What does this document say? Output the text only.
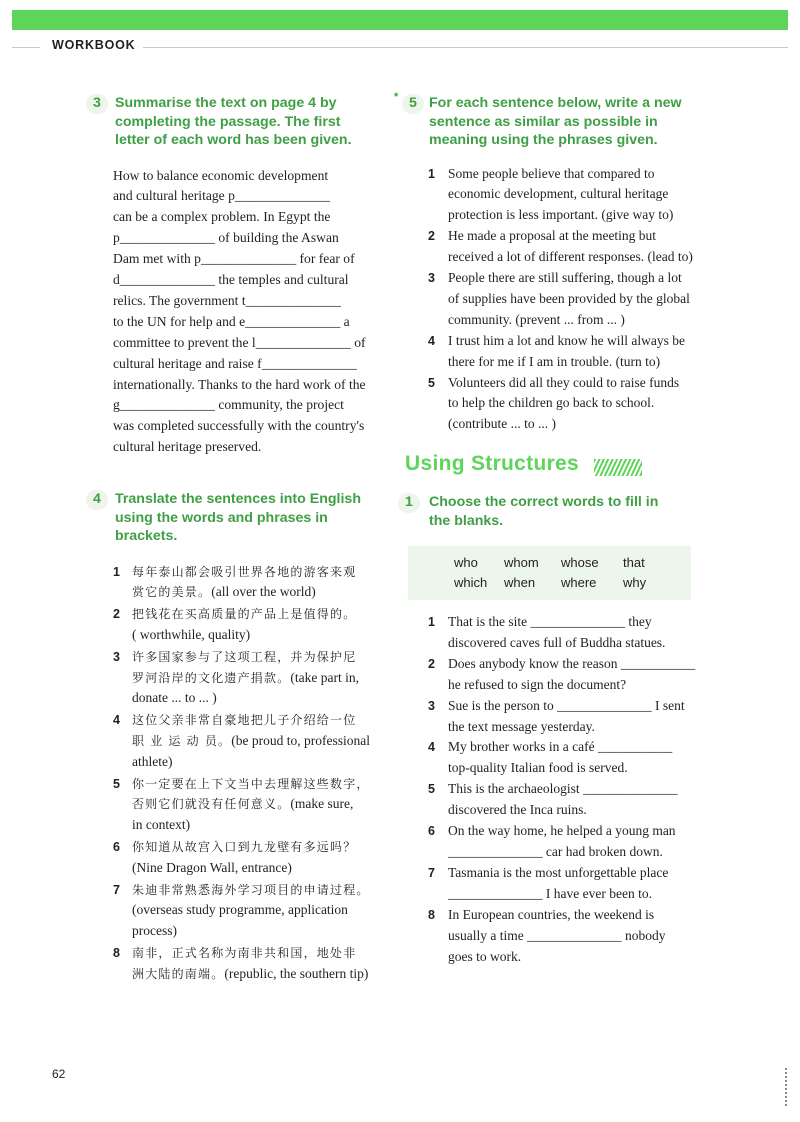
WORKBOOK
3 Summarise the text on page 4 by
completing the passage. The first
letter of each word has been given.
How to balance economic development
and cultural heritage p______________
can be a complex problem. In Egypt the
p______________ of building the Aswan
Dam met with p______________ for fear of
d______________ the temples and cultural
relics. The government t______________
to the UN for help and e______________ a
committee to prevent the l______________ of
cultural heritage and raise f______________
internationally. Thanks to the hard work of the
g______________ community, the project
was completed successfully with the country's
cultural heritage preserved.
4 Translate the sentences into English
using the words and phrases in
brackets.
1 每年泰山都会吸引世界各地的游客来观
赏它的美景。(all over the world)
2 把钱花在买高质量的产品上是值得的。
( worthwhile, quality)
3 许多国家参与了这项工程，并为保护尼
罗河沿岸的文化遗产捐款。(take part in,
donate ... to ... )
4 这位父亲非常自豪地把儿子介绍给一位
职 业 运 动 员。(be proud to, professional
athlete)
5 你一定要在上下文当中去理解这些数字，
否则它们就没有任何意义。(make sure,
in context)
6 你知道从故宫入口到九龙壁有多远吗？
(Nine Dragon Wall, entrance)
7 朱迪非常熟悉海外学习项目的申请过程。
(overseas study programme, application
process)
8 南非，正式名称为南非共和国，地处非
洲大陆的南端。(republic, the southern tip)
* 5 For each sentence below, write a new
sentence as similar as possible in
meaning using the phrases given.
1 Some people believe that compared to
economic development, cultural heritage
protection is less important. (give way to)
2 He made a proposal at the meeting but
received a lot of different responses. (lead to)
3 People there are still suffering, though a lot
of supplies have been provided by the global
community. (prevent ... from ... )
4 I trust him a lot and know he will always be
there for me if I am in trouble. (turn to)
5 Volunteers did all they could to raise funds
to help the children go back to school.
(contribute ... to ... )
Using Structures
1	Choose the correct words to fill in
the blanks.
who	whom	whose	that
which	when	where	why
1 That is the site ______________ they
discovered caves full of Buddha statues.
2 Does anybody know the reason ___________
he refused to sign the document?
3 Sue is the person to ______________ I sent
the text message yesterday.
4 My brother works in a café ___________
top-quality Italian food is served.
5 This is the archaeologist ______________
discovered the Inca ruins.
6 On the way home, he helped a young man
______________ car had broken down.
7 Tasmania is the most unforgettable place
______________ I have ever been to.
8 In European countries, the weekend is
usually a time ______________ nobody
goes to work.
62
